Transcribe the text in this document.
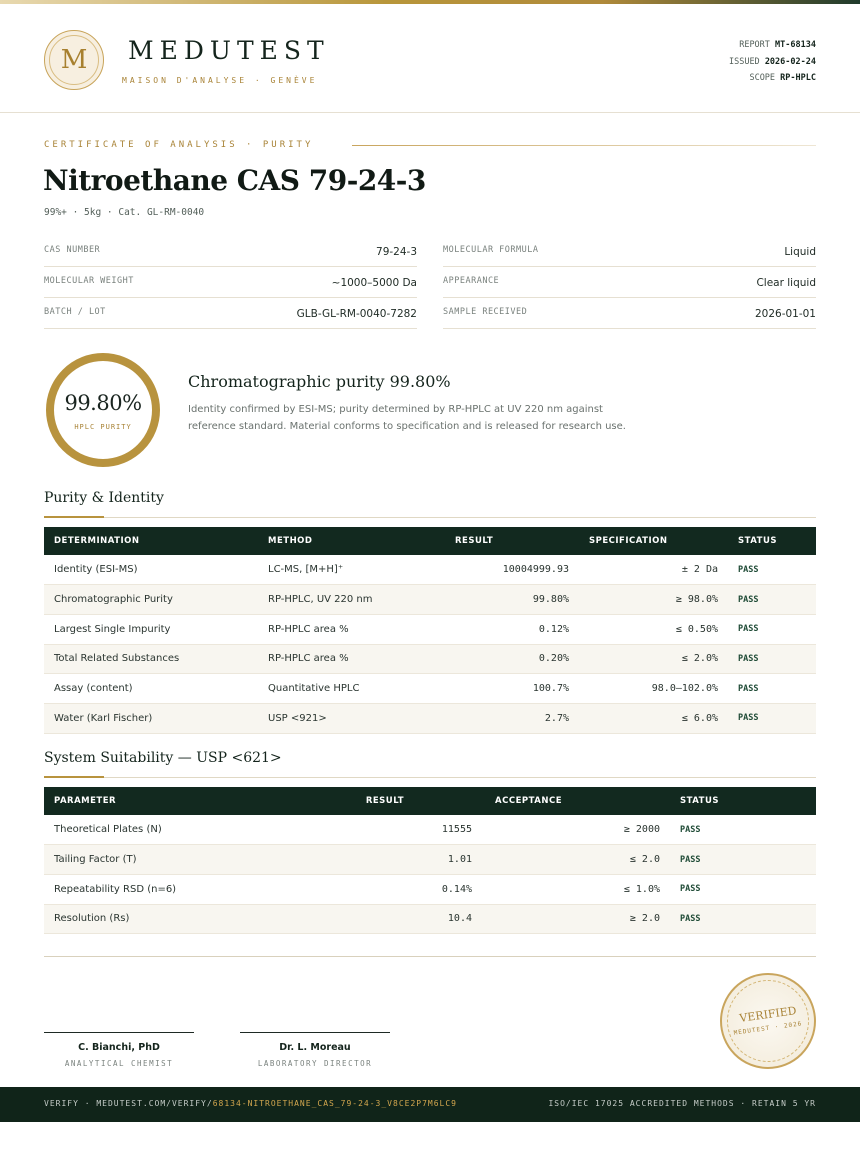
M MEDUTEST
MAISON D'ANALYSE · GENÈVE
REPORT MT-68134
ISSUED 2026-02-24
SCOPE RP-HPLC
CERTIFICATE OF ANALYSIS · PURITY
Nitroethane CAS 79-24-3
99%+ · 5kg · Cat. GL-RM-0040
CAS NUMBER	79-24-3
MOLECULAR WEIGHT	~1000–5000 Da
BATCH / LOT	GLB-GL-RM-0040-7282
MOLECULAR FORMULA	Liquid
APPEARANCE	Clear liquid
SAMPLE RECEIVED	2026-01-01
99.80%
HPLC PURITY
Chromatographic purity 99.80%
Identity confirmed by ESI-MS; purity determined by RP-HPLC at UV 220 nm against reference standard. Material conforms to specification and is released for research use.
Purity & Identity
DETERMINATION	METHOD	RESULT	SPECIFICATION	STATUS
Identity (ESI-MS)	LC-MS, [M+H]⁺	10004999.93	± 2 Da	PASS
Chromatographic Purity	RP-HPLC, UV 220 nm	99.80%	≥ 98.0%	PASS
Largest Single Impurity	RP-HPLC area %	0.12%	≤ 0.50%	PASS
Total Related Substances	RP-HPLC area %	0.20%	≤ 2.0%	PASS
Assay (content)	Quantitative HPLC	100.7%	98.0–102.0%	PASS
Water (Karl Fischer)	USP <921>	2.7%	≤ 6.0%	PASS
System Suitability — USP <621>
PARAMETER	RESULT	ACCEPTANCE	STATUS
Theoretical Plates (N)	11555	≥ 2000	PASS
Tailing Factor (T)	1.01	≤ 2.0	PASS
Repeatability RSD (n=6)	0.14%	≤ 1.0%	PASS
Resolution (Rs)	10.4	≥ 2.0	PASS
C. Bianchi, PhD
ANALYTICAL CHEMIST
Dr. L. Moreau
LABORATORY DIRECTOR
VERIFIED
MEDUTEST · 2026
VERIFY · MEDUTEST.COM/VERIFY/68134-NITROETHANE_CAS_79-24-3_V8CE2P7M6LC9	ISO/IEC 17025 ACCREDITED METHODS · RETAIN 5 YR
